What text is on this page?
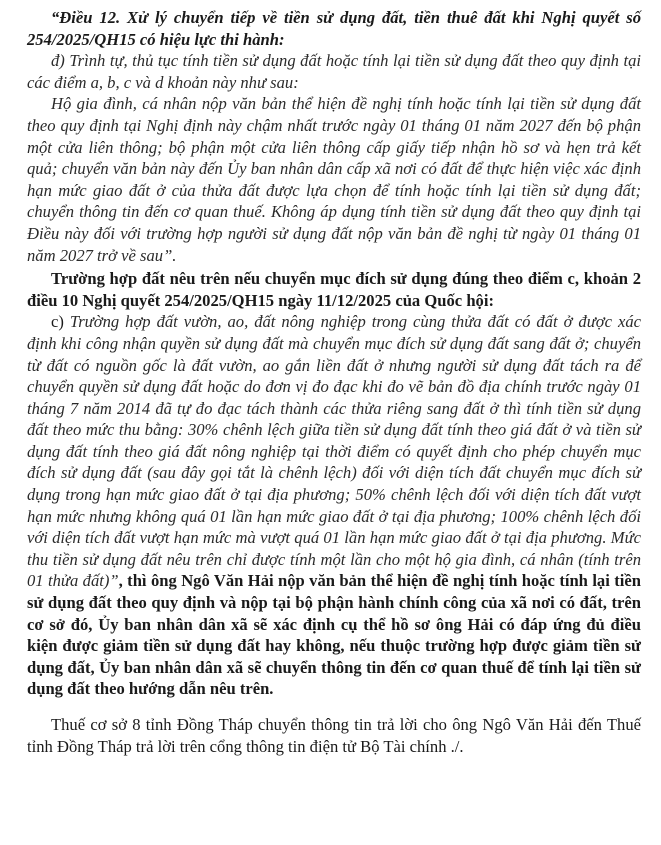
“Điều 12. Xử lý chuyển tiếp về tiền sử dụng đất, tiền thuê đất khi Nghị quyết số 254/2025/QH15 có hiệu lực thi hành:

đ) Trình tự, thủ tục tính tiền sử dụng đất hoặc tính lại tiền sử dụng đất theo quy định tại các điểm a, b, c và d khoản này như sau:

Hộ gia đình, cá nhân nộp văn bản thể hiện đề nghị tính hoặc tính lại tiền sử dụng đất theo quy định tại Nghị định này chậm nhất trước ngày 01 tháng 01 năm 2027 đến bộ phận một cửa liên thông; bộ phận một cửa liên thông cấp giấy tiếp nhận hồ sơ và hẹn trả kết quả; chuyển văn bản này đến Ủy ban nhân dân cấp xã nơi có đất để thực hiện việc xác định hạn mức giao đất ở của thửa đất được lựa chọn để tính hoặc tính lại tiền sử dụng đất; chuyển thông tin đến cơ quan thuế. Không áp dụng tính tiền sử dụng đất theo quy định tại Điều này đối với trường hợp người sử dụng đất nộp văn bản đề nghị từ ngày 01 tháng 01 năm 2027 trở về sau”.

Trường hợp đất nêu trên nếu chuyển mục đích sử dụng đúng theo điểm c, khoản 2 điều 10 Nghị quyết 254/2025/QH15 ngày 11/12/2025 của Quốc hội:

c) Trường hợp đất vườn, ao, đất nông nghiệp trong cùng thửa đất có đất ở được xác định khi công nhận quyền sử dụng đất mà chuyển mục đích sử dụng đất sang đất ở; chuyển từ đất có nguồn gốc là đất vườn, ao gắn liền đất ở nhưng người sử dụng đất tách ra để chuyển quyền sử dụng đất hoặc do đơn vị đo đạc khi đo vẽ bản đồ địa chính trước ngày 01 tháng 7 năm 2014 đã tự đo đạc tách thành các thửa riêng sang đất ở thì tính tiền sử dụng đất theo mức thu bằng: 30% chênh lệch giữa tiền sử dụng đất tính theo giá đất ở và tiền sử dụng đất tính theo giá đất nông nghiệp tại thời điểm có quyết định cho phép chuyển mục đích sử dụng đất (sau đây gọi tắt là chênh lệch) đối với diện tích đất chuyển mục đích sử dụng trong hạn mức giao đất ở tại địa phương; 50% chênh lệch đối với diện tích đất vượt hạn mức nhưng không quá 01 lần hạn mức giao đất ở tại địa phương; 100% chênh lệch đối với diện tích đất vượt hạn mức mà vượt quá 01 lần hạn mức giao đất ở tại địa phương. Mức thu tiền sử dụng đất nêu trên chỉ được tính một lần cho một hộ gia đình, cá nhân (tính trên 01 thửa đất)”, thì ông Ngô Văn Hải nộp văn bản thể hiện đề nghị tính hoặc tính lại tiền sử dụng đất theo quy định và nộp tại bộ phận hành chính công của xã nơi có đất, trên cơ sở đó, Ủy ban nhân dân xã sẽ xác định cụ thể hồ sơ ông Hải có đáp ứng đủ điều kiện được giảm tiền sử dụng đất hay không, nếu thuộc trường hợp được giảm tiền sử dụng đất, Ủy ban nhân dân xã sẽ chuyển thông tin đến cơ quan thuế để tính lại tiền sử dụng đất theo hướng dẫn nêu trên.

Thuế cơ sở 8 tỉnh Đồng Tháp chuyển thông tin trả lời cho ông Ngô Văn Hải đến Thuế tỉnh Đồng Tháp trả lời trên cổng thông tin điện tử Bộ Tài chính ./.
